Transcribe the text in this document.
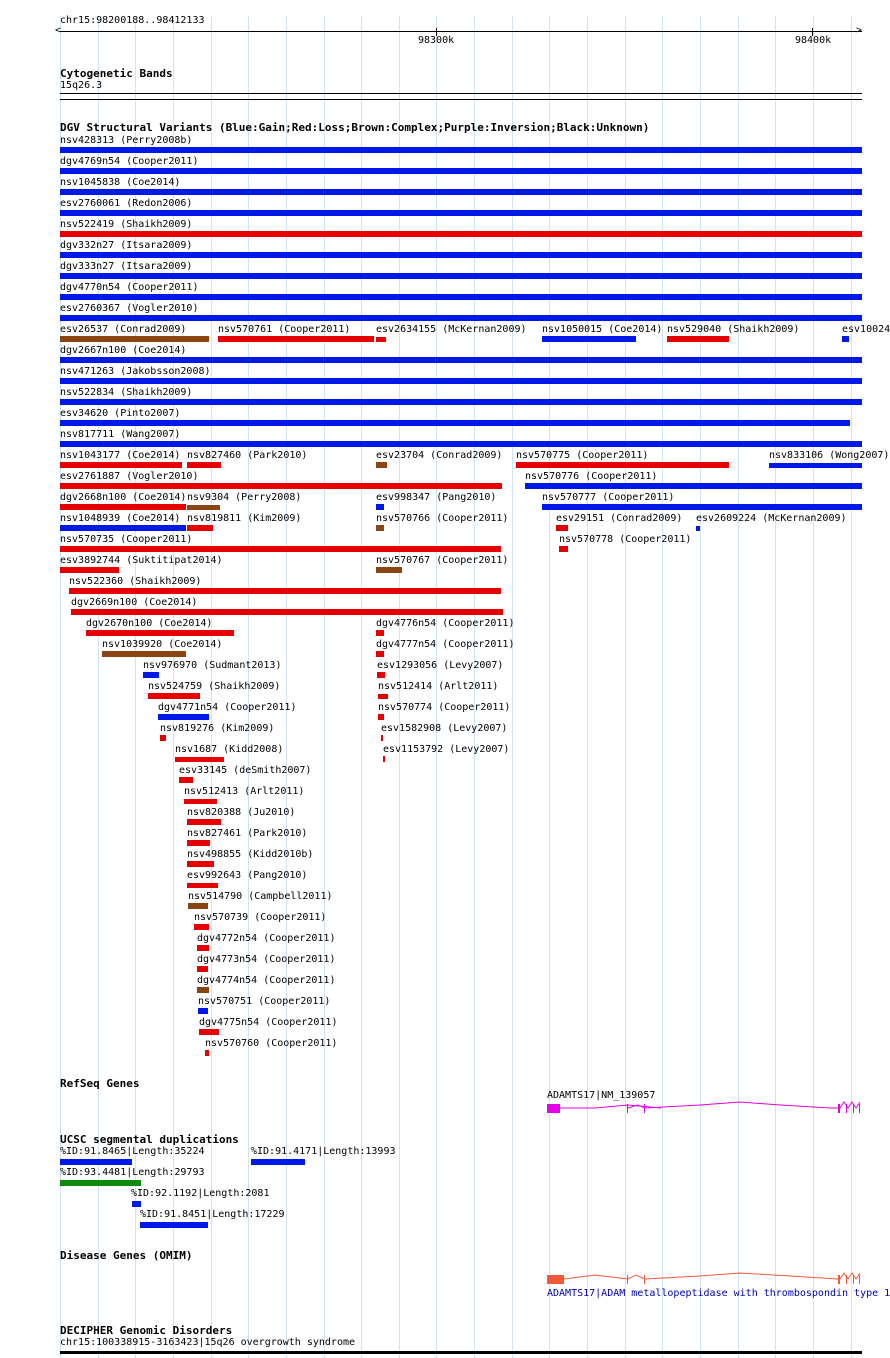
chr15:98200188..98412133
<	>
98300k	98400k
Cytogenetic Bands
15q26.3
DGV Structural Variants (Blue:Gain;Red:Loss;Brown:Complex;Purple:Inversion;Black:Unknown)
nsv428313 (Perry2008b)
dgv4769n54 (Cooper2011)
nsv1045838 (Coe2014)
esv2760061 (Redon2006)
nsv522419 (Shaikh2009)
dgv332n27 (Itsara2009)
dgv333n27 (Itsara2009)
dgv4770n54 (Cooper2011)
esv2760367 (Vogler2010)
esv26537 (Conrad2009)	nsv570761 (Cooper2011)	esv2634155 (McKernan2009) nsv1050015 (Coe2014) nsv529040 (Shaikh2009)	esv10024
dgv2667n100 (Coe2014)
nsv471263 (Jakobsson2008)
nsv522834 (Shaikh2009)
esv34620 (Pinto2007)
nsv817711 (Wang2007)
nsv1043177 (Coe2014) nsv827460 (Park2010)	esv23704 (Conrad2009) nsv570775 (Cooper2011)	nsv833106 (Wong2007)
esv2761887 (Vogler2010)	nsv570776 (Cooper2011)
dgv2668n100 (Coe2014) nsv9304 (Perry2008)	esv998347 (Pang2010)	nsv570777 (Cooper2011)
nsv1048939 (Coe2014) nsv819811 (Kim2009)	nsv570766 (Cooper2011)	esv29151 (Conrad2009) esv2609224 (McKernan2009)
nsv570735 (Cooper2011)	nsv570778 (Cooper2011)
esv3892744 (Suktitipat2014)	nsv570767 (Cooper2011)
nsv522360 (Shaikh2009)
dgv2669n100 (Coe2014)
dgv2670n100 (Coe2014)	dgv4776n54 (Cooper2011)
nsv1039920 (Coe2014)	dgv4777n54 (Cooper2011)
nsv976970 (Sudmant2013)	esv1293056 (Levy2007)
nsv524759 (Shaikh2009)	nsv512414 (Arlt2011)
dgv4771n54 (Cooper2011)	nsv570774 (Cooper2011)
nsv819276 (Kim2009)	esv1582908 (Levy2007)
nsv1687 (Kidd2008)	esv1153792 (Levy2007)
esv33145 (deSmith2007)
nsv512413 (Arlt2011)
nsv820388 (Ju2010)
nsv827461 (Park2010)
nsv498855 (Kidd2010b)
esv992643 (Pang2010)
nsv514790 (Campbell2011)
nsv570739 (Cooper2011)
dgv4772n54 (Cooper2011)
dgv4773n54 (Cooper2011)
dgv4774n54 (Cooper2011)
nsv570751 (Cooper2011)
dgv4775n54 (Cooper2011)
nsv570760 (Cooper2011)
RefSeq Genes
ADAMTS17|NM_139057
UCSC segmental duplications
%ID:91.8465|Length:35224	%ID:91.4171|Length:13993
%ID:93.4481|Length:29793
%ID:92.1192|Length:2081
%ID:91.8451|Length:17229
Disease Genes (OMIM)
ADAMTS17|ADAM metallopeptidase with thrombospondin type 1
DECIPHER Genomic Disorders
chr15:100338915-3163423|15q26 overgrowth syndrome
